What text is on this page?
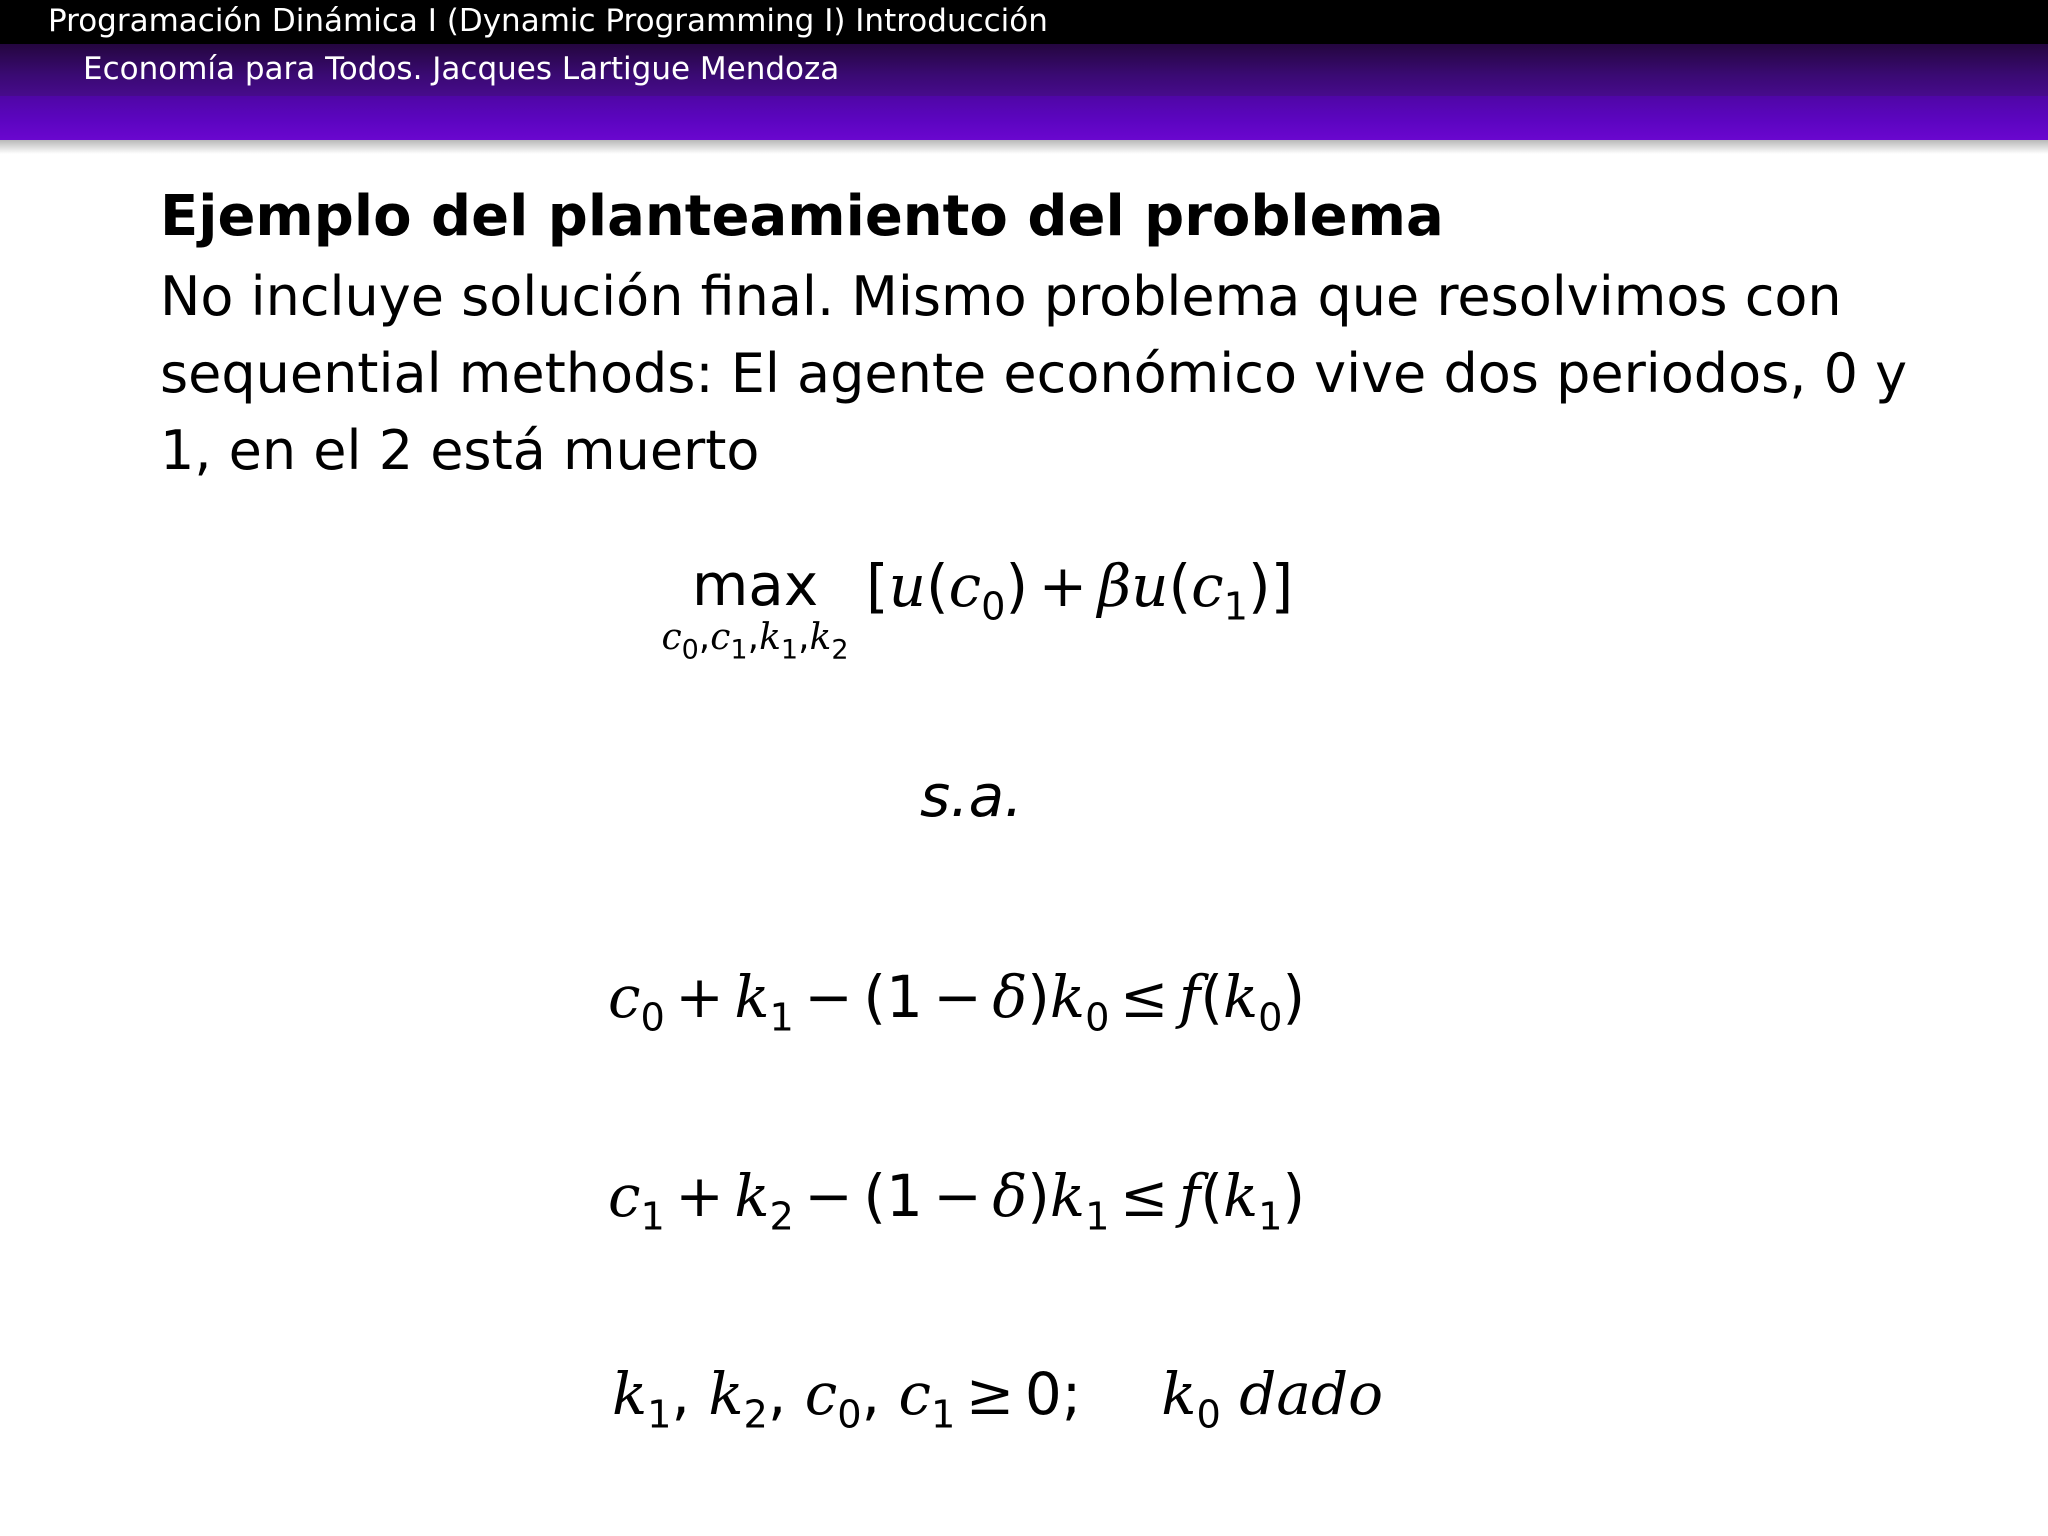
Programación Dinámica I (Dynamic Programming I) Introducción
Economía para Todos. Jacques Lartigue Mendoza
Ejemplo del planteamiento del problema

No incluye solución final. Mismo problema que resolvimos con sequential methods: El agente económico vive dos periodos, 0 y 1, en el 2 está muerto

max
$c_0,c_1,k_1,k_2$
$[u(c_0) + \beta u(c_1)]$
s.a.
$c_0 + k_1 - (1 - \delta)k_0 \le f(k_0)$
$c_1 + k_2 - (1 - \delta)k_1 \le f(k_1)$
$k_1$, $k_2$, $c_0$, $c_1 \ge 0$; $k_0$ dado
